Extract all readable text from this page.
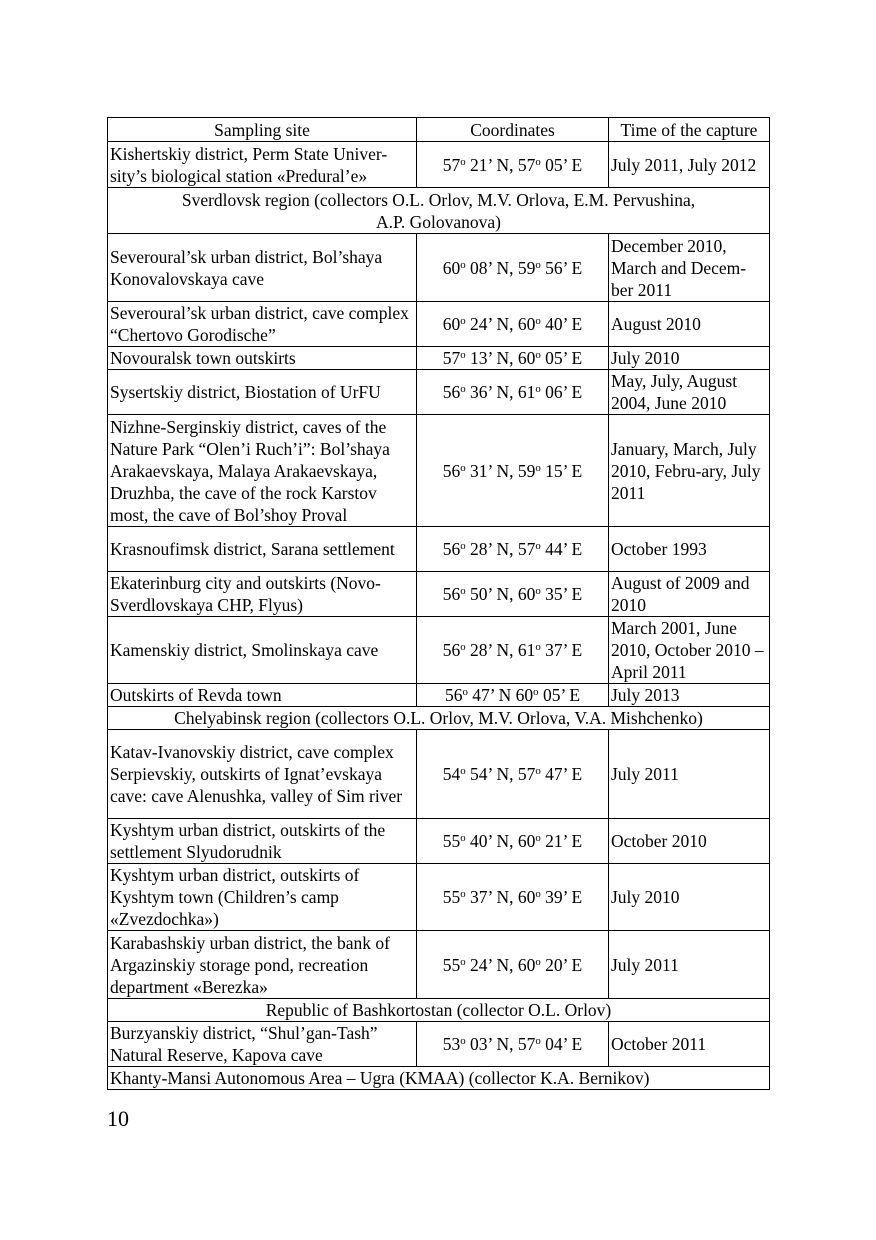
Sampling site	Coordinates	Time of the capture
Kishertskiy district, Perm State Univer-sity’s biological station «Predural’e»	57$^o$ 21’ N, 57$^o$ 05’ E	July 2011, July 2012
Sverdlovsk region (collectors O.L. Orlov, M.V. Orlova, E.M. Pervushina, A.P. Golovanova)		
Severoural’sk urban district, Bol’shaya Konovalovskaya cave	60$^o$ 08’ N, 59$^o$ 56’ E	December 2010, March and Decem-ber 2011
Severoural’sk urban district, cave complex “Chertovo Gorodische”	60$^o$ 24’ N, 60$^o$ 40’ E	August 2010
Novouralsk town outskirts	57$^o$ 13’ N, 60$^o$ 05’ E	July 2010
Sysertskiy district, Biostation of UrFU	56$^o$ 36’ N, 61$^o$ 06’ E	May, July, August 2004, June 2010
Nizhne-Serginskiy district, caves of the Nature Park “Olen’i Ruch’i”: Bol’shaya Arakaevskaya, Malaya Arakaevskaya, Druzhba, the cave of the rock Karstov most, the cave of Bol’shoy Proval	56$^o$ 31’ N, 59$^o$ 15’ E	January, March, July 2010, Febru-ary, July 2011
Krasnoufimsk district, Sarana settlement	56$^o$ 28’ N, 57$^o$ 44’ E	October 1993
Ekaterinburg city and outskirts (Novo-Sverdlovskaya CHP, Flyus)	56$^o$ 50’ N, 60$^o$ 35’ E	August of 2009 and 2010
Kamenskiy district, Smolinskaya cave	56$^o$ 28’ N, 61$^o$ 37’ E	March 2001, June 2010, October 2010 – April 2011
Outskirts of Revda town	56$^o$ 47’ N 60$^o$ 05’ E	July 2013
Chelyabinsk region (collectors O.L. Orlov, M.V. Orlova, V.A. Mishchenko)		
Katav-Ivanovskiy district, cave complex Serpievskiy, outskirts of Ignat’evskaya cave: cave Alenushka, valley of Sim river	54$^o$ 54’ N, 57$^o$ 47’ E	July 2011
Kyshtym urban district, outskirts of the settlement Slyudorudnik	55$^o$ 40’ N, 60$^o$ 21’ E	October 2010
Kyshtym urban district, outskirts of Kyshtym town (Children’s camp «Zvezdochka»)	55$^o$ 37’ N, 60$^o$ 39’ E	July 2010
Karabashskiy urban district, the bank of Argazinskiy storage pond, recreation department «Berezka»	55$^o$ 24’ N, 60$^o$ 20’ E	July 2011
Republic of Bashkortostan (collector O.L. Orlov)		
Burzyanskiy district, “Shul’gan-Tash” Natural Reserve, Kapova cave	53$^o$ 03’ N, 57$^o$ 04’ E	October 2011
Khanty-Mansi Autonomous Area – Ugra (KMAA) (collector K.A. Bernikov)		
10
